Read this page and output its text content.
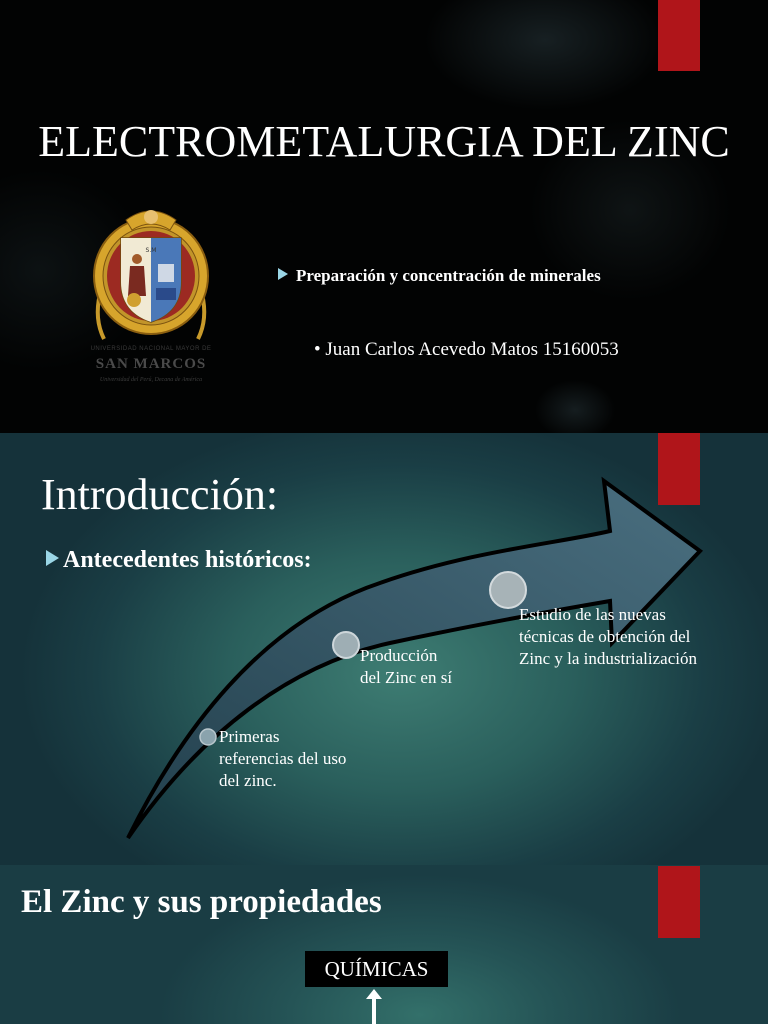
ELECTROMETALURGIA DEL ZINC
S.M
UNIVERSIDAD NACIONAL MAYOR DE
SAN MARCOS
Universidad del Perú, Decana de América
Preparación y concentración de minerales
• Juan Carlos Acevedo Matos 15160053
Introducción:
Antecedentes históricos:
Primeras referencias del uso del zinc.
Producción del Zinc en sí
Estudio de las nuevas técnicas de obtención del Zinc y la industrialización
El Zinc y sus propiedades
QUÍMICAS
